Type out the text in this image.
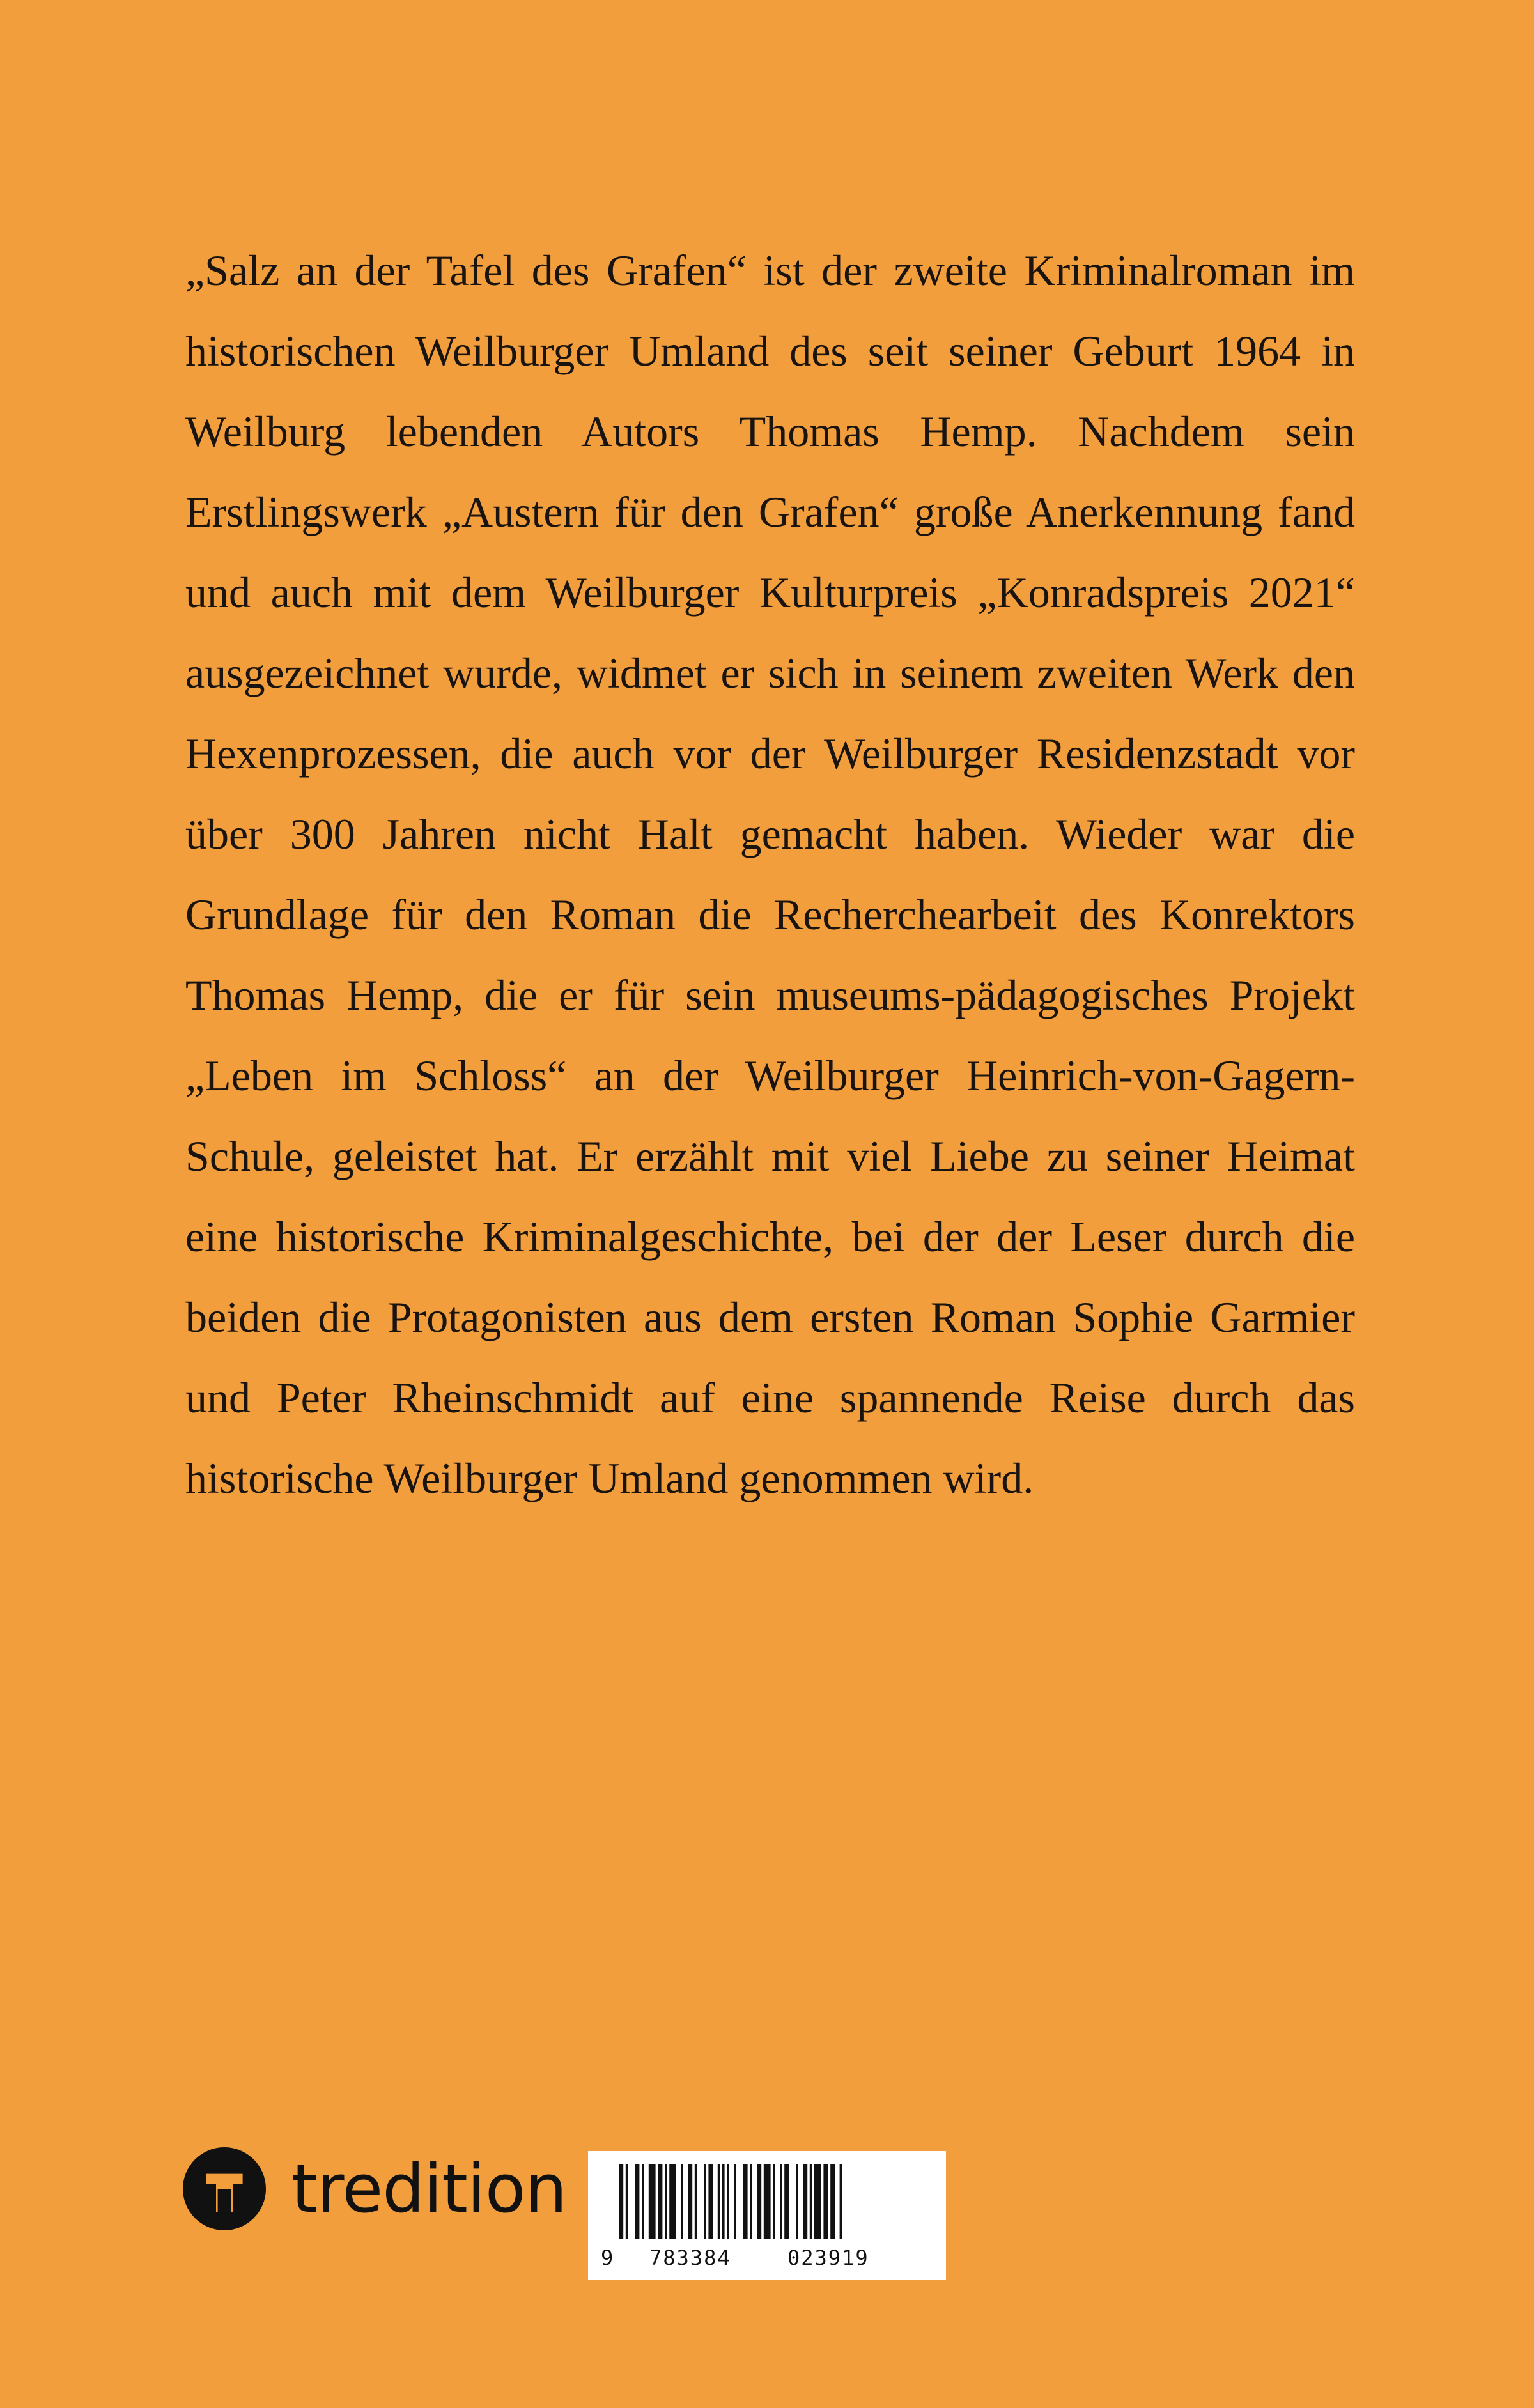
„Salz an der Tafel des Grafen“ ist der zweite Kriminalroman im historischen Weilburger Umland des seit seiner Geburt 1964 in Weilburg lebenden Autors Thomas Hemp. Nachdem sein Erstlingswerk „Austern für den Grafen“ große Anerkennung fand und auch mit dem Weilburger Kulturpreis „Konradspreis 2021“ ausgezeichnet wurde, widmet er sich in seinem zweiten Werk den Hexenprozessen, die auch vor der Weilburger Residenzstadt vor über 300 Jahren nicht Halt gemacht haben. Wieder war die Grundlage für den Roman die Recherchearbeit des Konrektors Thomas Hemp, die er für sein museums-pädagogisches Projekt „Leben im Schloss“ an der Weilburger Heinrich-von-Gagern-Schule, geleistet hat. Er erzählt mit viel Liebe zu seiner Heimat eine historische Kriminalgeschichte, bei der der Leser durch die beiden die Protagonisten aus dem ersten Roman Sophie Garmier und Peter Rheinschmidt auf eine spannende Reise durch das historische Weilburger Umland genommen wird.

tredition
9 783384	023919
